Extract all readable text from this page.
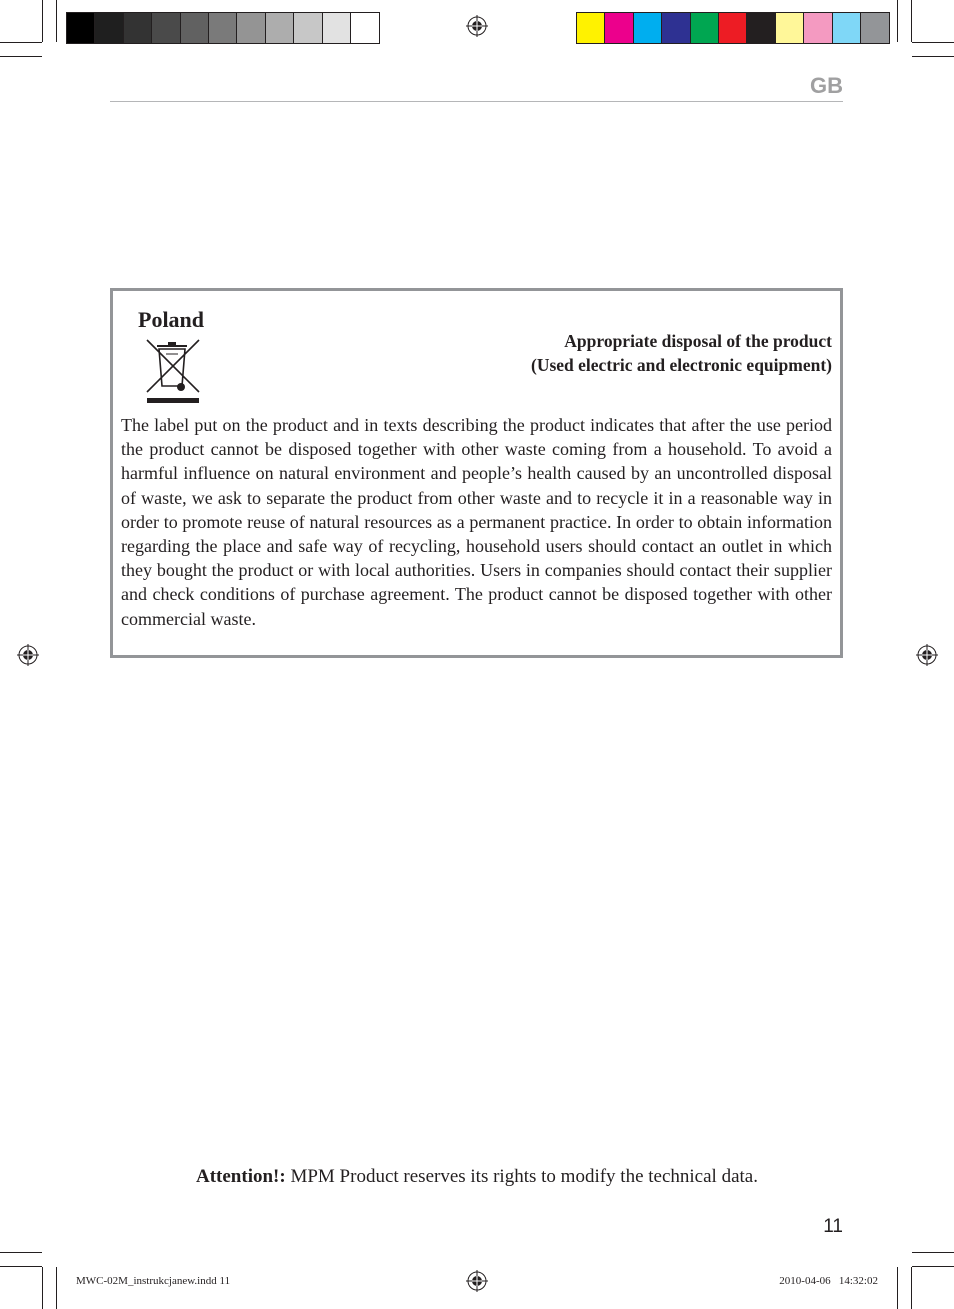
GB
Poland
Appropriate disposal of the product
(Used electric and electronic equipment)
The label put on the product and in texts describing the product indicates that after the use period the product cannot be disposed together with other waste coming from a household. To avoid a harmful influence on natural environment and people’s health caused by an uncontrolled disposal of waste, we ask to separate the product from other waste and to recycle it in a reasonable way in order to promote reuse of natural resources as a permanent practice. In order to obtain information regarding the place and safe way of recycling, household users should contact an outlet in which they bought the product or with local authorities. Users in companies should contact their supplier and check conditions of purchase agreement. The product cannot be disposed together with other commercial waste.
Attention!: MPM Product reserves its rights to modify the technical data.
11
MWC-02M_instrukcjanew.indd 11	2010-04-06   14:32:02
